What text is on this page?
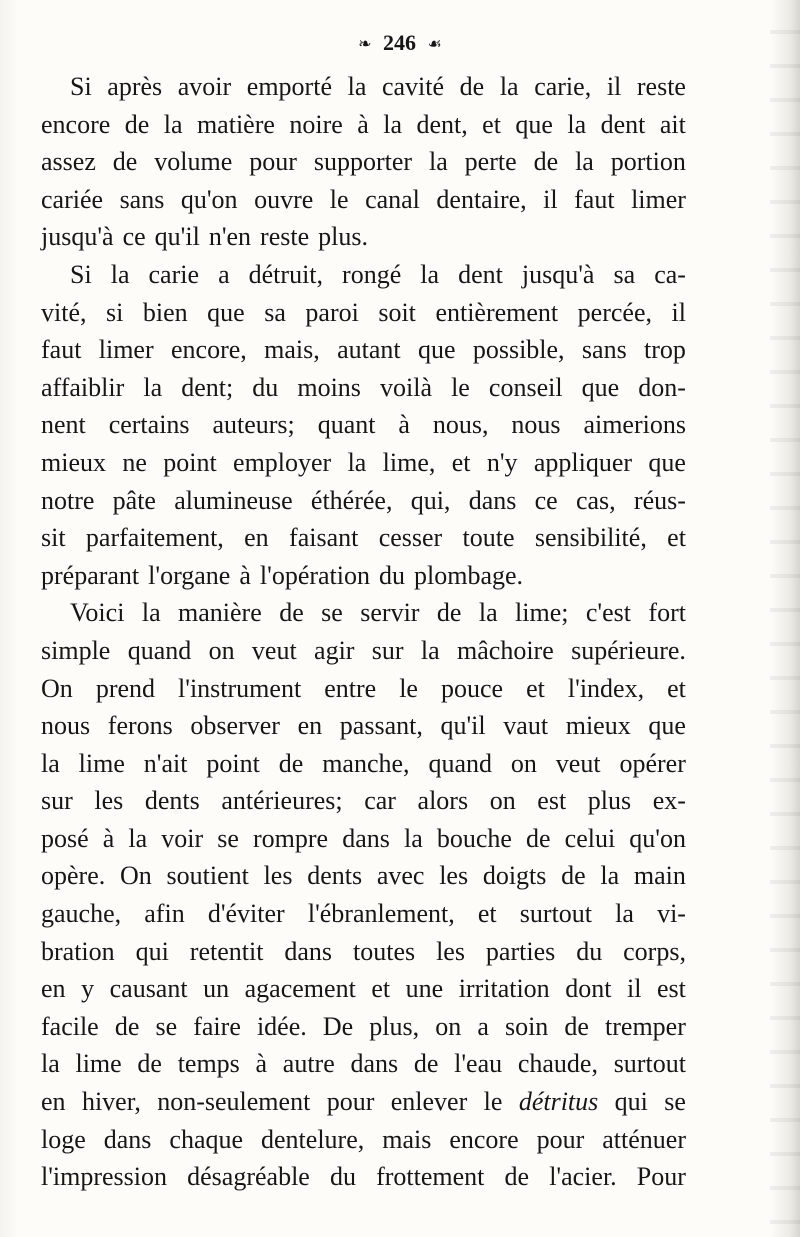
❧ 246 ☙
Si après avoir emporté la cavité de la carie, il reste
encore de la matière noire à la dent, et que la dent ait
assez de volume pour supporter la perte de la portion
cariée sans qu'on ouvre le canal dentaire, il faut limer
jusqu'à ce qu'il n'en reste plus.
Si la carie a détruit, rongé la dent jusqu'à sa ca-
vité, si bien que sa paroi soit entièrement percée, il
faut limer encore, mais, autant que possible, sans trop
affaiblir la dent; du moins voilà le conseil que don-
nent certains auteurs; quant à nous, nous aimerions
mieux ne point employer la lime, et n'y appliquer que
notre pâte alumineuse éthérée, qui, dans ce cas, réus-
sit parfaitement, en faisant cesser toute sensibilité, et
préparant l'organe à l'opération du plombage.
Voici la manière de se servir de la lime; c'est fort
simple quand on veut agir sur la mâchoire supérieure.
On prend l'instrument entre le pouce et l'index, et
nous ferons observer en passant, qu'il vaut mieux que
la lime n'ait point de manche, quand on veut opérer
sur les dents antérieures; car alors on est plus ex-
posé à la voir se rompre dans la bouche de celui qu'on
opère. On soutient les dents avec les doigts de la main
gauche, afin d'éviter l'ébranlement, et surtout la vi-
bration qui retentit dans toutes les parties du corps,
en y causant un agacement et une irritation dont il est
facile de se faire idée. De plus, on a soin de tremper
la lime de temps à autre dans de l'eau chaude, surtout
en hiver, non-seulement pour enlever le détritus qui se
loge dans chaque dentelure, mais encore pour atténuer
l'impression désagréable du frottement de l'acier. Pour
